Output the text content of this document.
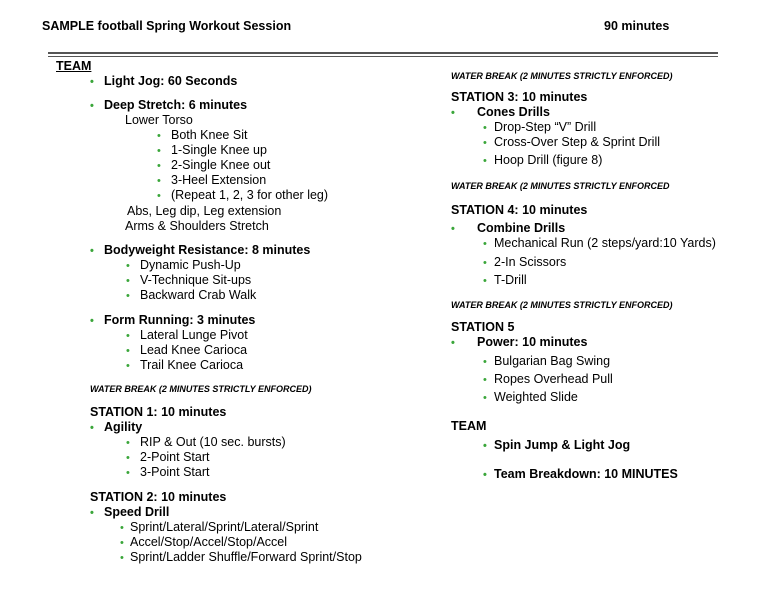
SAMPLE football Spring Workout Session	90 minutes
TEAM
• Light Jog: 60 Seconds
• Deep Stretch: 6 minutes
Lower Torso
• Both Knee Sit
• 1-Single Knee up
• 2-Single Knee out
• 3-Heel Extension
• (Repeat 1, 2, 3 for other leg)
Abs, Leg dip, Leg extension
Arms & Shoulders Stretch
• Bodyweight Resistance: 8 minutes
• Dynamic Push-Up
• V-Technique Sit-ups
• Backward Crab Walk
• Form Running: 3 minutes
• Lateral Lunge Pivot
• Lead Knee Carioca
• Trail Knee Carioca
WATER BREAK (2 MINUTES STRICTLY ENFORCED)
STATION 1: 10 minutes
• Agility
• RIP & Out (10 sec. bursts)
• 2-Point Start
• 3-Point Start
STATION 2: 10 minutes
• Speed Drill
• Sprint/Lateral/Sprint/Lateral/Sprint
• Accel/Stop/Accel/Stop/Accel
• Sprint/Ladder Shuffle/Forward Sprint/Stop
WATER BREAK (2 MINUTES STRICTLY ENFORCED)
STATION 3: 10 minutes
• Cones Drills
• Drop-Step “V” Drill
• Cross-Over Step & Sprint Drill
• Hoop Drill (figure 8)
WATER BREAK (2 MINUTES STRICTLY ENFORCED
STATION 4: 10 minutes
• Combine Drills
• Mechanical Run (2 steps/yard:10 Yards)
• 2-In Scissors
• T-Drill
WATER BREAK (2 MINUTES STRICTLY ENFORCED)
STATION 5
• Power: 10 minutes
• Bulgarian Bag Swing
• Ropes Overhead Pull
• Weighted Slide
TEAM
• Spin Jump & Light Jog
• Team Breakdown: 10 MINUTES
